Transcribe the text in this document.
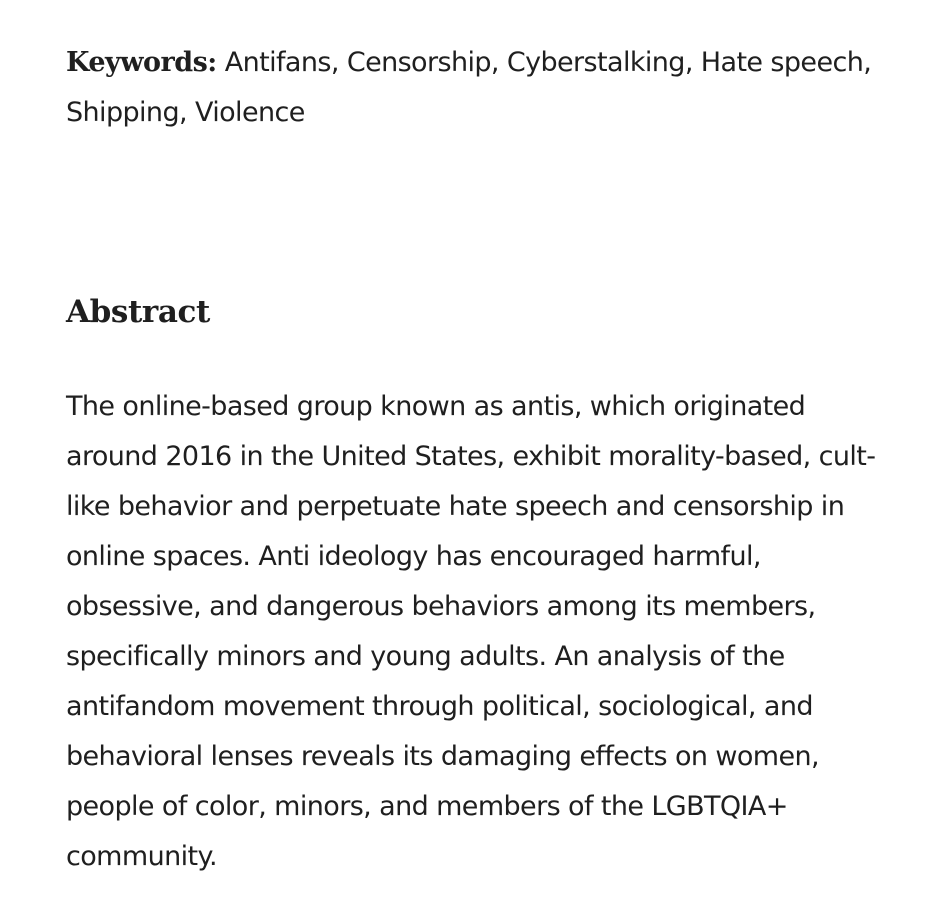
Keywords: Antifans, Censorship, Cyberstalking, Hate speech,
Shipping, Violence

Abstract

The online-based group known as antis, which originated
around 2016 in the United States, exhibit morality-based, cult-
like behavior and perpetuate hate speech and censorship in
online spaces. Anti ideology has encouraged harmful,
obsessive, and dangerous behaviors among its members,
specifically minors and young adults. An analysis of the
antifandom movement through political, sociological, and
behavioral lenses reveals its damaging effects on women,
people of color, minors, and members of the LGBTQIA+
community.
